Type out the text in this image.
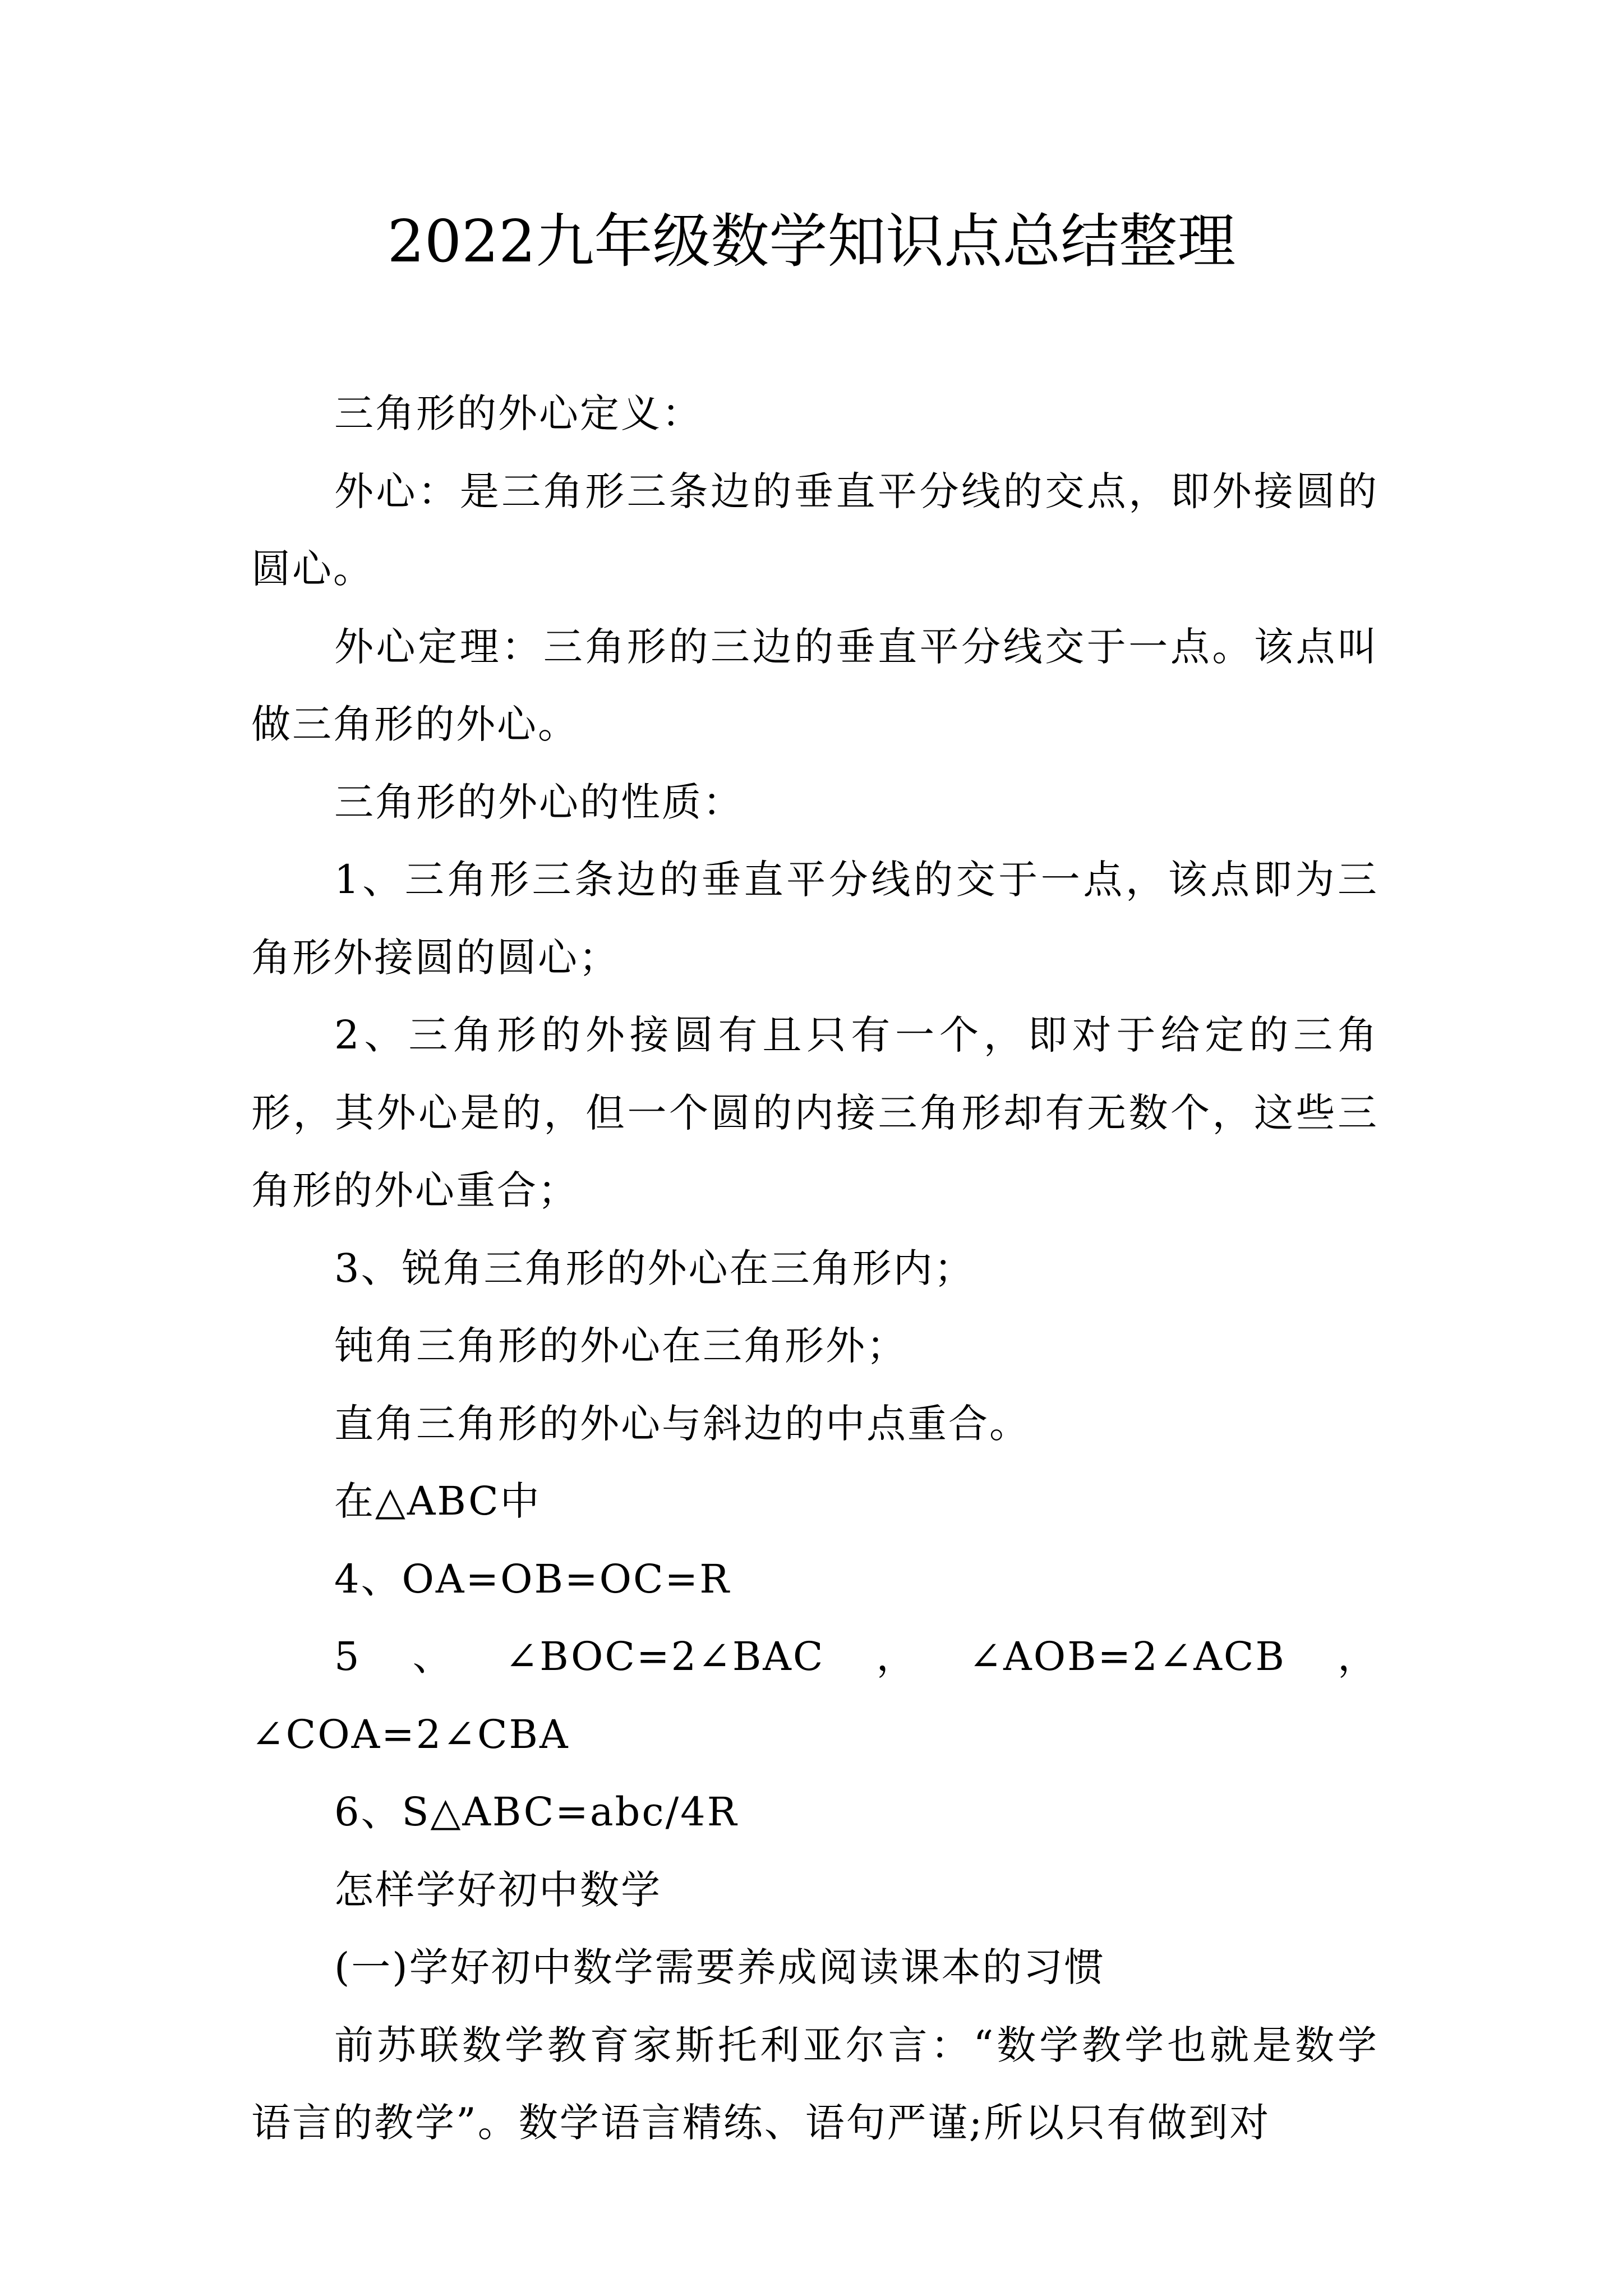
2022九年级数学知识点总结整理

三角形的外心定义：

外心：是三角形三条边的垂直平分线的交点，即外接圆的圆心。

外心定理：三角形的三边的垂直平分线交于一点。该点叫做三角形的外心。

三角形的外心的性质：

1、三角形三条边的垂直平分线的交于一点，该点即为三角形外接圆的圆心；

2、三角形的外接圆有且只有一个，即对于给定的三角形，其外心是的，但一个圆的内接三角形却有无数个，这些三角形的外心重合；

3、锐角三角形的外心在三角形内；

钝角三角形的外心在三角形外；

直角三角形的外心与斜边的中点重合。

在△ABC中

4、OA=OB=OC=R

5、∠BOC=2∠BAC，∠AOB=2∠ACB，∠COA=2∠CBA

6、S△ABC=abc/4R

怎样学好初中数学

(一)学好初中数学需要养成阅读课本的习惯

前苏联数学教育家斯托利亚尔言：“数学教学也就是数学语言的教学”。数学语言精练、语句严谨;所以只有做到对
